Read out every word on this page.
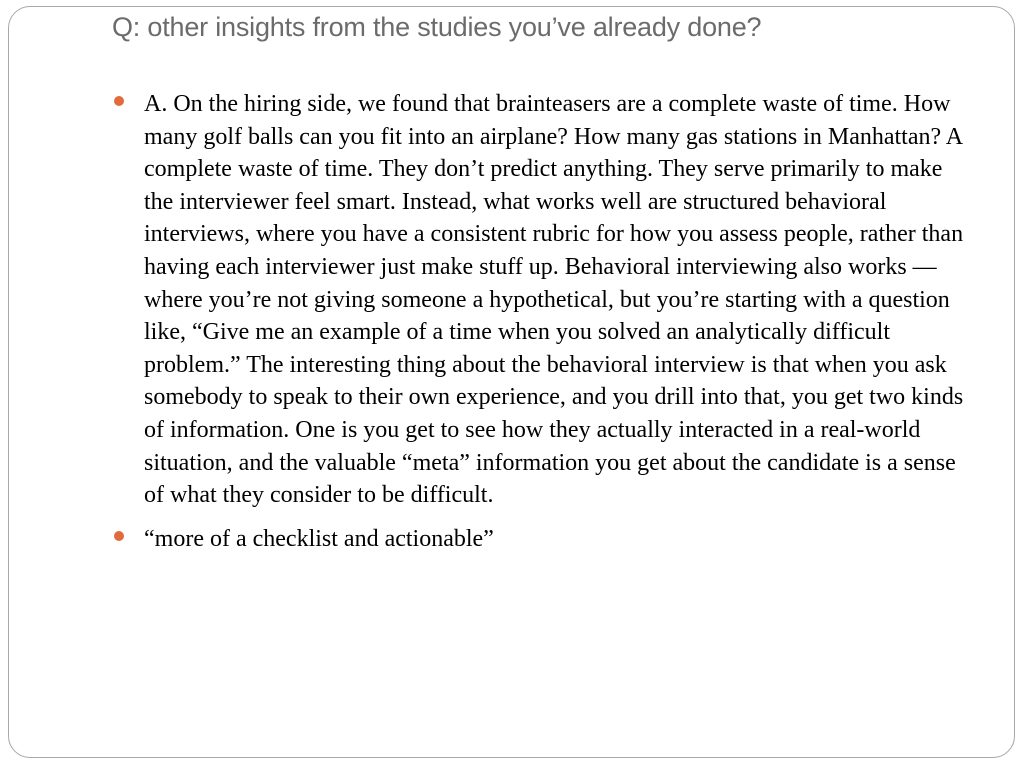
Q: other insights from the studies you’ve already done?
A. On the hiring side, we found that brainteasers are a complete waste of time. How many golf balls can you fit into an airplane? How many gas stations in Manhattan? A complete waste of time. They don’t predict anything. They serve primarily to make the interviewer feel smart. Instead, what works well are structured behavioral interviews, where you have a consistent rubric for how you assess people, rather than having each interviewer just make stuff up. Behavioral interviewing also works — where you’re not giving someone a hypothetical, but you’re starting with a question like, “Give me an example of a time when you solved an analytically difficult problem.” The interesting thing about the behavioral interview is that when you ask somebody to speak to their own experience, and you drill into that, you get two kinds of information. One is you get to see how they actually interacted in a real-world situation, and the valuable “meta” information you get about the candidate is a sense of what they consider to be difficult.
“more of a checklist and actionable”
